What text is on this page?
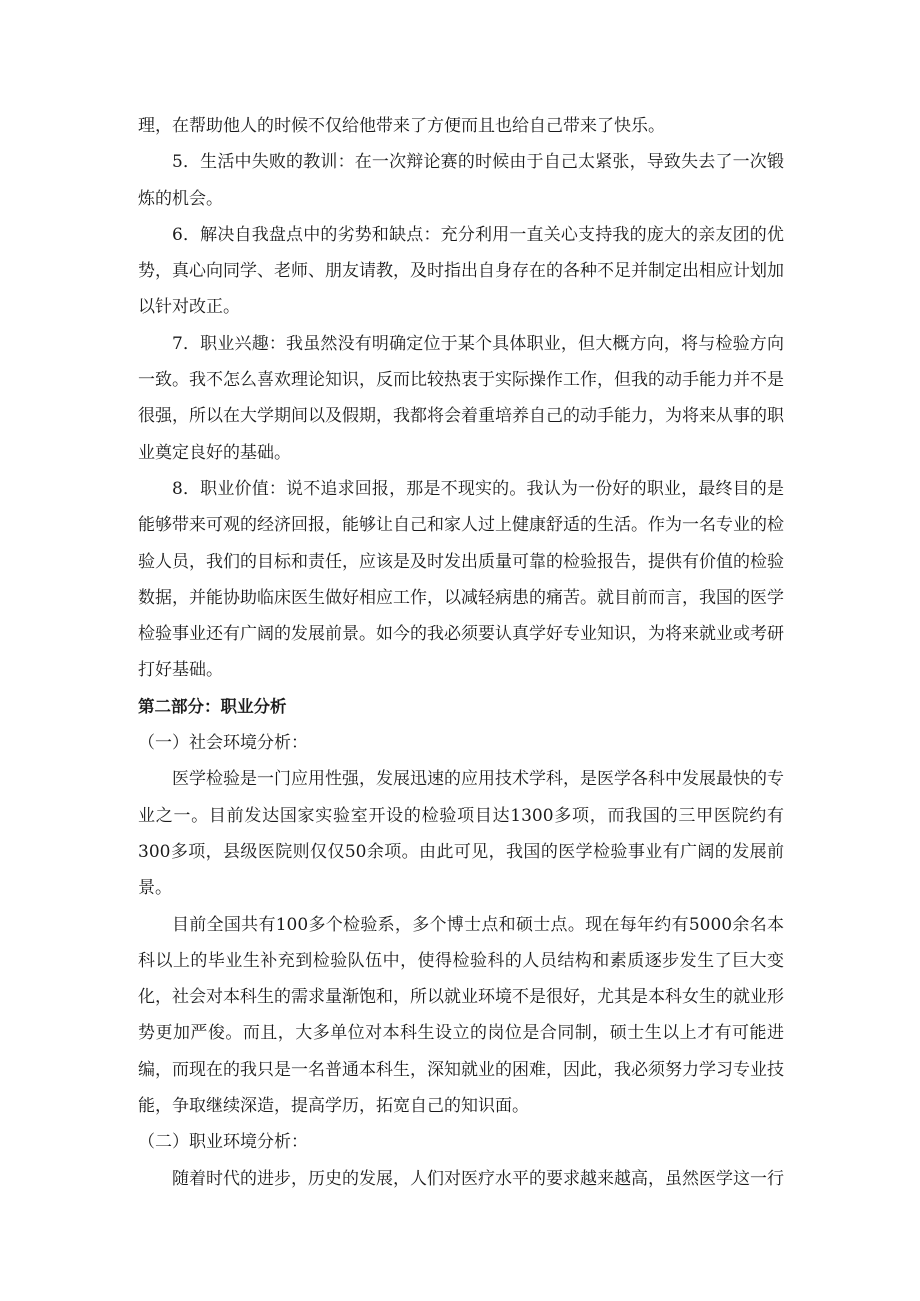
理，在帮助他人的时候不仅给他带来了方便而且也给自己带来了快乐。

5．生活中失败的教训：在一次辩论赛的时候由于自己太紧张，导致失去了一次锻炼的机会。

6．解决自我盘点中的劣势和缺点：充分利用一直关心支持我的庞大的亲友团的优势，真心向同学、老师、朋友请教，及时指出自身存在的各种不足并制定出相应计划加以针对改正。

7．职业兴趣：我虽然没有明确定位于某个具体职业，但大概方向，将与检验方向一致。我不怎么喜欢理论知识，反而比较热衷于实际操作工作，但我的动手能力并不是很强，所以在大学期间以及假期，我都将会着重培养自己的动手能力，为将来从事的职业奠定良好的基础。

8．职业价值：说不追求回报，那是不现实的。我认为一份好的职业，最终目的是能够带来可观的经济回报，能够让自己和家人过上健康舒适的生活。作为一名专业的检验人员，我们的目标和责任，应该是及时发出质量可靠的检验报告，提供有价值的检验数据，并能协助临床医生做好相应工作，以减轻病患的痛苦。就目前而言，我国的医学检验事业还有广阔的发展前景。如今的我必须要认真学好专业知识，为将来就业或考研打好基础。

第二部分：职业分析

（一）社会环境分析：

医学检验是一门应用性强，发展迅速的应用技术学科，是医学各科中发展最快的专业之一。目前发达国家实验室开设的检验项目达1300多项，而我国的三甲医院约有300多项，县级医院则仅仅50余项。由此可见，我国的医学检验事业有广阔的发展前景。

目前全国共有100多个检验系，多个博士点和硕士点。现在每年约有5000余名本科以上的毕业生补充到检验队伍中，使得检验科的人员结构和素质逐步发生了巨大变化，社会对本科生的需求量渐饱和，所以就业环境不是很好，尤其是本科女生的就业形势更加严俊。而且，大多单位对本科生设立的岗位是合同制，硕士生以上才有可能进编，而现在的我只是一名普通本科生，深知就业的困难，因此，我必须努力学习专业技能，争取继续深造，提高学历，拓宽自己的知识面。

（二）职业环境分析：

随着时代的进步，历史的发展，人们对医疗水平的要求越来越高，虽然医学这一行
